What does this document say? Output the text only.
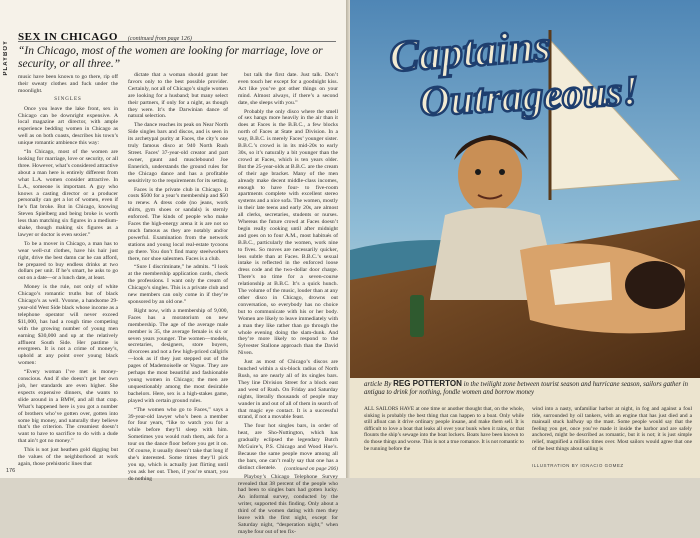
PLAYBOY
SEX IN CHICAGO (continued from page 126)
“In Chicago, most of the women are looking for marriage, love or security, or all three.”

music have been known to go there, rip off their sweaty clothes and fuck under the moonlight.

SINGLES

Once you leave the lake front, sex in Chicago can be downright expensive. A local magazine art director, with ample experience bedding women in Chicago as well as on both coasts, describes his town’s unique romantic ambience this way:

“In Chicago, most of the women are looking for marriage, love or security, or all three. However, what’s considered attractive about a man here is entirely different from what L.A. women consider attractive. In L.A., someone is important. A guy who knows a casting director or a producer personally can get a lot of women, even if he’s flat broke. But in Chicago, knowing Steven Spielberg and being broke is worth less than matching six figures in a medium-shake, though making six figures as a lawyer or doctor is even sexier.”

To be a mover in Chicago, a man has to wear well-cut clothes, have his hair just right, drive the best damn car he can afford, be prepared to buy endless drinks at two dollars per unit. If he’s smart, he asks to go out on a date—or a lunch date, at least.

Money is the rule, not only of white Chicago’s romantic truths but of black Chicago’s as well. Yvonne, a handsome 29-year-old West Side black whose income as a telephone operator will never exceed $11,000, has had a rough time competing with the growing number of young men earning $30,000 and up at the relatively affluent South Side. Her pastime is evergreen. It is not a crime of money’s, uphold at any point over young black women:

“Every woman I’ve met is money-conscious. And if she doesn’t get her own job, her standards are even higher. She expects expensive dinners, she wants to slide around in a BMW, and all that crap. What’s happened here is you got a number of brothers who’ve gotten over, gotten into some big money, and naturally they believe that’s the criterion. The creamiest doesn’t want to have to sacrifice to do with a dude that ain’t got no money.”

This is not just heathen gold digging but the values of the neighborhood at work again, those prehistoric lines that

dictate that a woman should grant her favors only to the best possible provider. Certainly, not all of Chicago’s single women are looking for a husband; but many select their partners, if only for a night, as though they were. It’s the Darwinian dance of natural selection.

The dance reaches its peak on Near North Side singles bars and discos, and is seen in its archetypal purity at Faces, the city’s one truly famous disco at 940 North Rush Street. Faces’ 37-year-old creator and part owner, gaunt and musclebound Joe Ennerich, understands the ground rules for the Chicago dance and has a profitable sensitivity to the requirements for its setting.

Faces is the private club in Chicago. It costs $500 for a year’s membership and $50 to renew. A dress code (no jeans, work shirts, gym shoes or sandals) is sternly enforced. The kinds of people who make Faces the high-energy arena it is are not so much famous as they are notably and/or powerful. Examination from the network stations and young local real-estate tycoons go there. You don’t find many steelworkers there, nor shoe salesmen. Faces is a club.

“Sure I discriminate,” he admits. “I look at the membership application cards, check the professions. I want only the cream of Chicago’s singles. This is a private club and new members can only come in if they’re sponsored by an old one.”

Right now, with a membership of 9,000, Faces has a moratorium on new membership. The age of the average male member is 35, the average female is six or seven years younger. The women—models, secretaries, designers, store buyers, divorcees and not a few high-priced callgirls—look as if they just stepped out of the pages of Mademoiselle or Vogue. They are perhaps the most beautiful and fashionable young women in Chicago; the men are unquestionably among the most desirable bachelors. Here, sex is a high-stakes game, played with certain ground rules.

“The women who go to Faces,” says a 39-year-old lawyer who’s been a member for four years, “like to watch you for a while before they’ll sleep with him. Sometimes you would rush them, ask for a tour on the dance floor before you get it on. Of course, it usually doesn’t take that long if she’s interested. Some times they’ll pick you up, which is actually just flirting until you ask her out. Then, if you’re smart, you do nothing

but talk the first date. Just talk. Don’t even touch her except for a goodnight kiss. Act like you’ve got other things on your mind. Almost always, if there’s a second date, she sleeps with you.”

Probably the only disco where the smell of sex hangs more heavily in the air than it does at Faces is the B.B.C., a few blocks north of Faces at State and Division. In a way, B.B.C. is merely Faces’ younger sister. B.B.C.’s crowd is in its mid-20s to early 30s, so it’s naturally a bit younger than the crowd at Faces, which is ten years older. But the 25-year-olds at B.B.C. are the cream of their age bracket. Many of the men already make decent middle-class incomes, enough to have four- to five-room apartments complete with excellent stereo systems and a nice sofa. The women, mostly in their late teens and early 20s, are almost all clerks, secretaries, students or nurses. Whereas the future crowd at Faces doesn’t begin really cooking until after midnight and goes on to four A.M., most habitués of B.B.C., particularly the women, work nine to fives. So moves are necessarily quicker, less subtle than at Faces. B.B.C.’s sexual intake is reflected in the enforced loose dress code and the two-dollar door charge. There’s no time for a seven-course relationship at B.B.C. It’s a quick hunch. The volume of the music, louder than at any other disco in Chicago, drowns out conversation, so everybody has no choice but to communicate with his or her body. Women are likely to leave immediately with a man they like rather than go through the whole evening doing the slam-dunk. And they’re more likely to respond to the Sylvester Stallone approach than the David Niven.

Just as most of Chicago’s discos are bunched within a six-block radius of North Rush, so are nearly all of its singles bars. They line Division Street for a block east and west of Rush. On Friday and Saturday nights, literally thousands of people may wander in and out of all of them in search of that magic eye contact. It is a successful strand, if not a movable feast.

The four hot singles bars, in order of heat, are Sho-Nuttington, which has gradually eclipsed the legendary Butch McGuire’s, P.S. Chicago and Wood Hue’s. Because the same people move among all the bars, one can’t really say that one has a distinct clientele.

Playboy’s Chicago Telephone Survey revealed that 38 percent of the people who had been to singles bars had gotten lucky. An informal survey, conducted by the writer, supported this finding. Only about a third of the women dating with men they leave with the first night, except for Saturday night, “desperation night,” when maybe four out of ten fix-

(continued on page 206)
176
Captains
Outrageous!
article By REG POTTERTON in the twilight zone between tourist season and hurricane season, sailors gather in antigua to drink for nothing, fondle women and borrow money

ALL SAILORS HAVE at one time or another thought that, on the whole, sinking is probably the best thing that can happen to a boat. Only while still afloat can it drive ordinary people insane, and make them sell. It is difficult to love a boat that leaks all over your bunk when it rains, or that flounts the ship’s sewage into the boat lockers. Boats have been known to do those things and worse. This is not a true romance. It is not romantic to be running before the

wind into a nasty, unfamiliar harbor at night, in fog and against a foul tide, surrounded by oil tankers, with an engine that has just died and a mainsail stuck halfway up the mast. Some people would say that the feeling you get, once you’ve made it inside the harbor and are safely anchored, might be described as romantic, but it is not; it is just simple relief, magnified a million times over. Most sailors would agree that one of the best things about sailing is

ILLUSTRATION BY IGNACIO GOMEZ
